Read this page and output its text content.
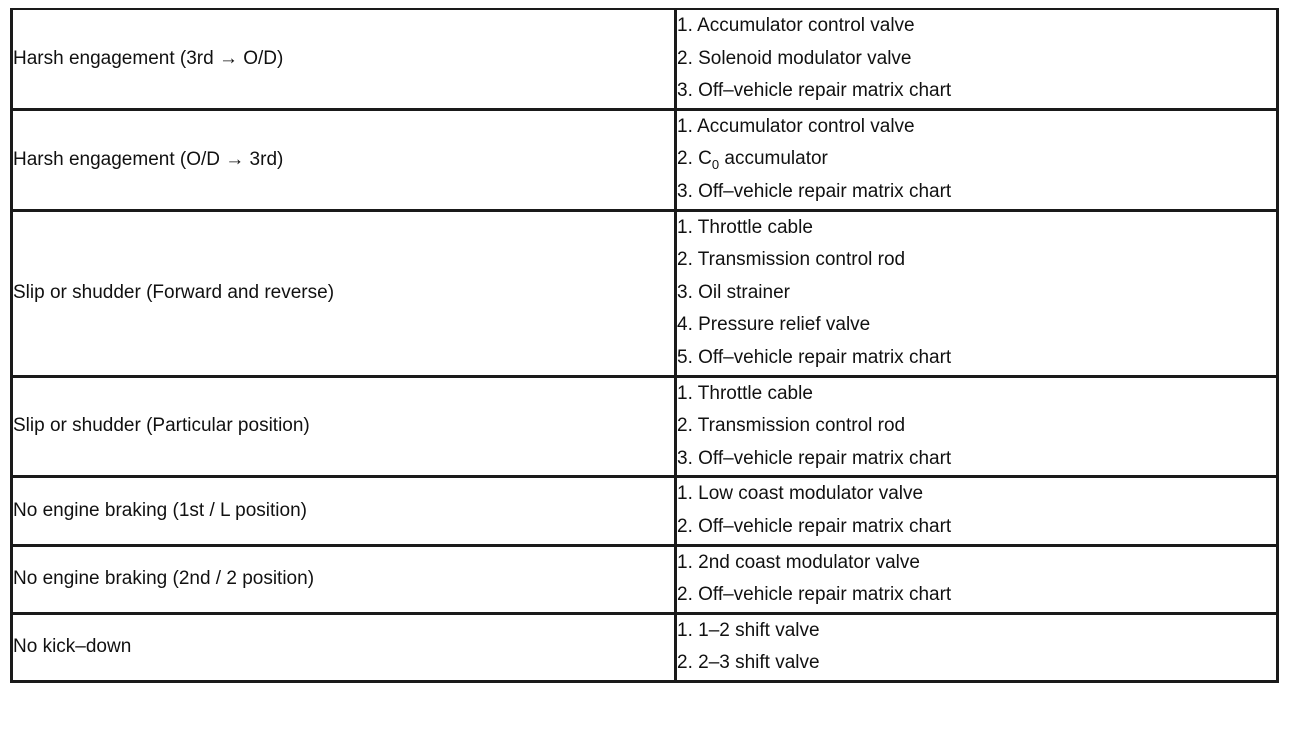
Harsh engagement (3rd → O/D)	1. Accumulator control valve
2. Solenoid modulator valve
3. Off–vehicle repair matrix chart

Harsh engagement (O/D → 3rd)	1. Accumulator control valve
2. $C_0$ accumulator
3. Off–vehicle repair matrix chart

Slip or shudder (Forward and reverse)	1. Throttle cable
2. Transmission control rod
3. Oil strainer
4. Pressure relief valve
5. Off–vehicle repair matrix chart

Slip or shudder (Particular position)	1. Throttle cable
2. Transmission control rod
3. Off–vehicle repair matrix chart

No engine braking (1st / L position)	1. Low coast modulator valve
2. Off–vehicle repair matrix chart

No engine braking (2nd / 2 position)	1. 2nd coast modulator valve
2. Off–vehicle repair matrix chart

No kick–down	1. 1–2 shift valve
2. 2–3 shift valve
